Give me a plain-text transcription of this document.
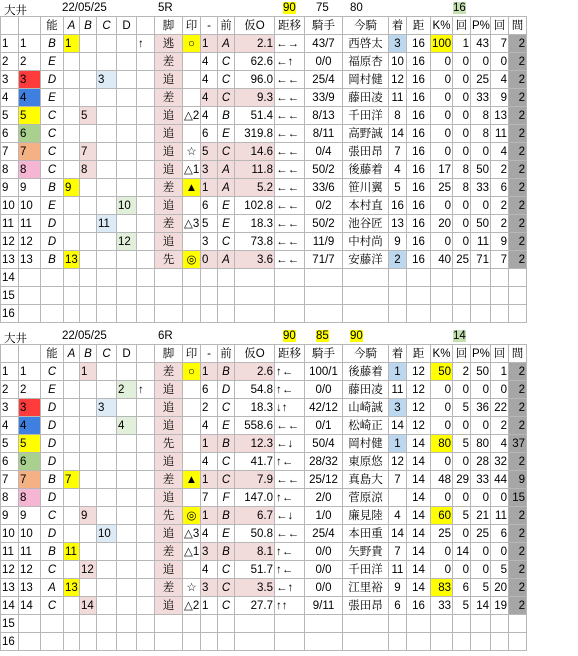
大井	22/05/25	5R	90 75 80	16
		能	A	B	C	D		脚	印	-	前	仮O	距移	騎手	今騎	着	距	K%	回	P%	回	間
1	1	B	1				↑	逃	○	1	A	2.1	←→	43/7	西啓太	3	16	100	1	43	7	2
2	2	E						差		4	C	62.6	←↑	0/0	福原杏	10	16	0	0	0	0	2
3	3	D			3			追		4	C	96.0	←←	25/4	岡村健	12	16	0	0	25	4	2
4	4	E						差		4	C	9.3	←←	33/9	藤田凌	11	16	0	0	33	9	2
5	5	C		5				追	△2	4	B	51.4	←←	8/13	千田洋	8	16	0	0	8	13	2
6	6	C						追		6	E	319.8	←←	8/11	高野誠	14	16	0	0	8	11	2
7	7	C		7				追	☆	5	C	14.6	←←	0/4	張田昂	7	16	0	0	0	4	2
8	8	C		8				追	△1	3	A	11.8	←←	50/2	後藤着	4	16	17	8	50	2	2
9	9	B	9					差	▲	1	A	5.2	←←	33/6	笹川翼	5	16	25	8	33	6	2
10	10	E				10		追		6	E	102.8	←←	0/2	本村直	16	16	0	0	0	2	2
11	11	D			11			差	△3	5	E	18.3	←←	50/2	池谷匠	13	16	20	0	50	2	2
12	12	D				12		追		3	C	73.8	←←	11/9	中村尚	9	16	0	0	11	9	2
13	13	B	13					先	◎	0	A	3.6	←←	71/7	安藤洋	2	16	40	25	71	7	2
14																						
15																						
16																						
大井	22/05/25	6R	90 85 90	14
		能	A	B	C	D		脚	印	-	前	仮O	距移	騎手	今騎	着	距	K%	回	P%	回	間
1	1	C		1				差	○	1	B	2.6	↑←	100/1	後藤着	1	12	50	2	50	1	2
2	2	E				2	↑	追		6	D	54.8	↑←	0/0	藤田凌	11	12	0	0	0	0	2
3	3	D			3			追		2	C	18.3	↓↑	42/12	山崎誠	3	12	0	5	36	22	2
4	4	D				4		追		4	E	558.6	←←	0/1	松崎正	14	12	0	0	0	2	2
5	5	D						先		1	B	12.3	←↓	50/4	岡村健	1	14	80	5	80	4	37
6	6	D						追		4	C	41.7	↑←	28/32	東原悠	12	14	0	0	28	32	2
7	7	B	7					差	▲	1	C	7.9	←←	25/12	真島大	7	14	48	29	33	44	9
8	8	D						追		7	F	147.0	↑←	2/0	菅原涼		14	0	0	0	0	15
9	9	C		9				先	◎	1	B	6.7	←↓	1/0	廉見陸	4	14	60	5	21	11	2
10	10	D			10			追	△3	4	E	50.8	←←	25/4	本田重	14	14	25	0	25	6	2
11	11	B	11					差	△1	3	B	8.1	↑←	0/0	矢野貴	7	14	0	14	0	0	2
12	12	C		12				追		4	C	51.7	↑←	0/0	千田洋	11	14	0	0	0	5	2
13	13	A	13					差	☆	3	C	3.5	←↑	0/0	江里裕	9	14	83	6	5	20	2
14	14	C		14				追	△2	1	C	27.7	↑↑	9/11	張田昂	6	16	33	5	14	19	2
15																						
16																						
